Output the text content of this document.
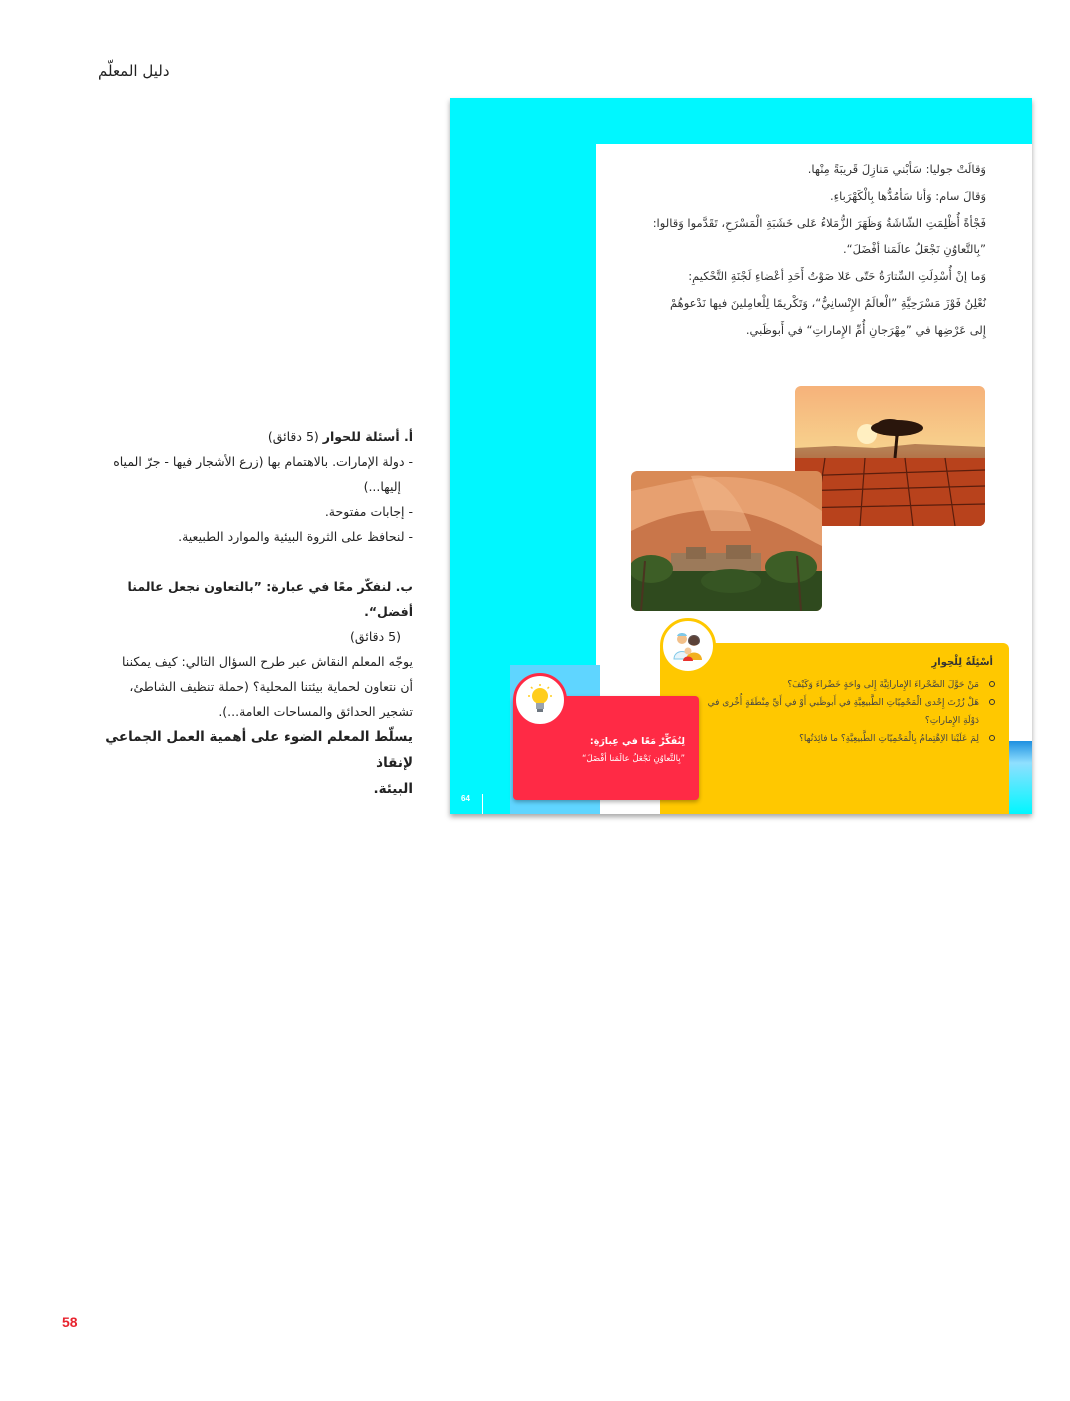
دليل المعلّم

أ. أسئلة للحوار (5 دقائق)

- دولة الإمارات. بالاهتمام بها (زرع الأشجار فيها - جرّ المياه

إليها...)

- إجابات مفتوحة.

- لنحافظ على الثروة البيئية والموارد الطبيعية.

ب. لنفكّر معًا في عبارة: ”بالتعاون نجعل عالمنا أفضل“.

(5 دقائق)

يوجّه المعلم النقاش عبر طرح السؤال التالي: كيف يمكننا

أن نتعاون لحماية بيئتنا المحلية؟ (حملة تنظيف الشاطئ،

تشجير الحدائق والمساحات العامة...).

يسلّط المعلم الضوء على أهمية العمل الجماعي لإنقاذ

البيئة.

وَقالَتْ جوليا: سَأبْني مَنازِلَ قَريبَةً مِنْها.

وَقالَ سام: وَأنا سَأمُدُّها بِالْكَهْرَباءِ.

فَجْأةً أُظْلِمَتِ الشّاشَةُ وَظَهَرَ الزُّمَلاءُ عَلى خَشَبَةِ الْمَسْرَحِ، تَقَدَّموا وَقالوا:

”بِالتَّعاوُنِ نَجْعَلُ عالَمَنا أفْضَلَ“.

وَما إنْ أُسْدِلَتِ السِّتارَةُ حَتّى عَلا صَوْتُ أَحَدِ أعْضاءِ لَجْنَةِ التَّحْكيمِ:

نُعْلِنُ فَوْزَ مَسْرَحِيَّةِ ”الْعالَمُ الإِنْسانِيُّ“، وَتَكْريمًا لِلْعامِلينَ فيها نَدْعوهُمْ

إِلى عَرْضِها في ”مِهْرَجانِ أُمِّ الإِماراتِ“ في أَبوظَبي.

أسْئِلَةٌ لِلْحِوارِ
مَنْ حَوَّلَ الصَّحْراءَ الإِماراتِيَّةَ إِلى واحَةٍ خَضْراءَ وَكَيْفَ؟
هَلْ زُرْتَ إِحْدى الْمَحْمِيّاتِ الطَّبيعِيَّةِ في أَبوظَبي أَوْ في أَيِّ مِنْطَقَةٍ أُخْرى في دَوْلَةِ الإِماراتِ؟
لِمَ عَلَيْنا الاِهْتِمامُ بِالْمَحْمِيّاتِ الطَّبيعِيَّةِ؟ ما فائِدَتُها؟
لِنُفَكِّرْ مَعًا في عِبارَةِ:
”بِالتَّعاوُنِ نَجْعَلُ عالَمَنا أفْضَلَ“
64
58
